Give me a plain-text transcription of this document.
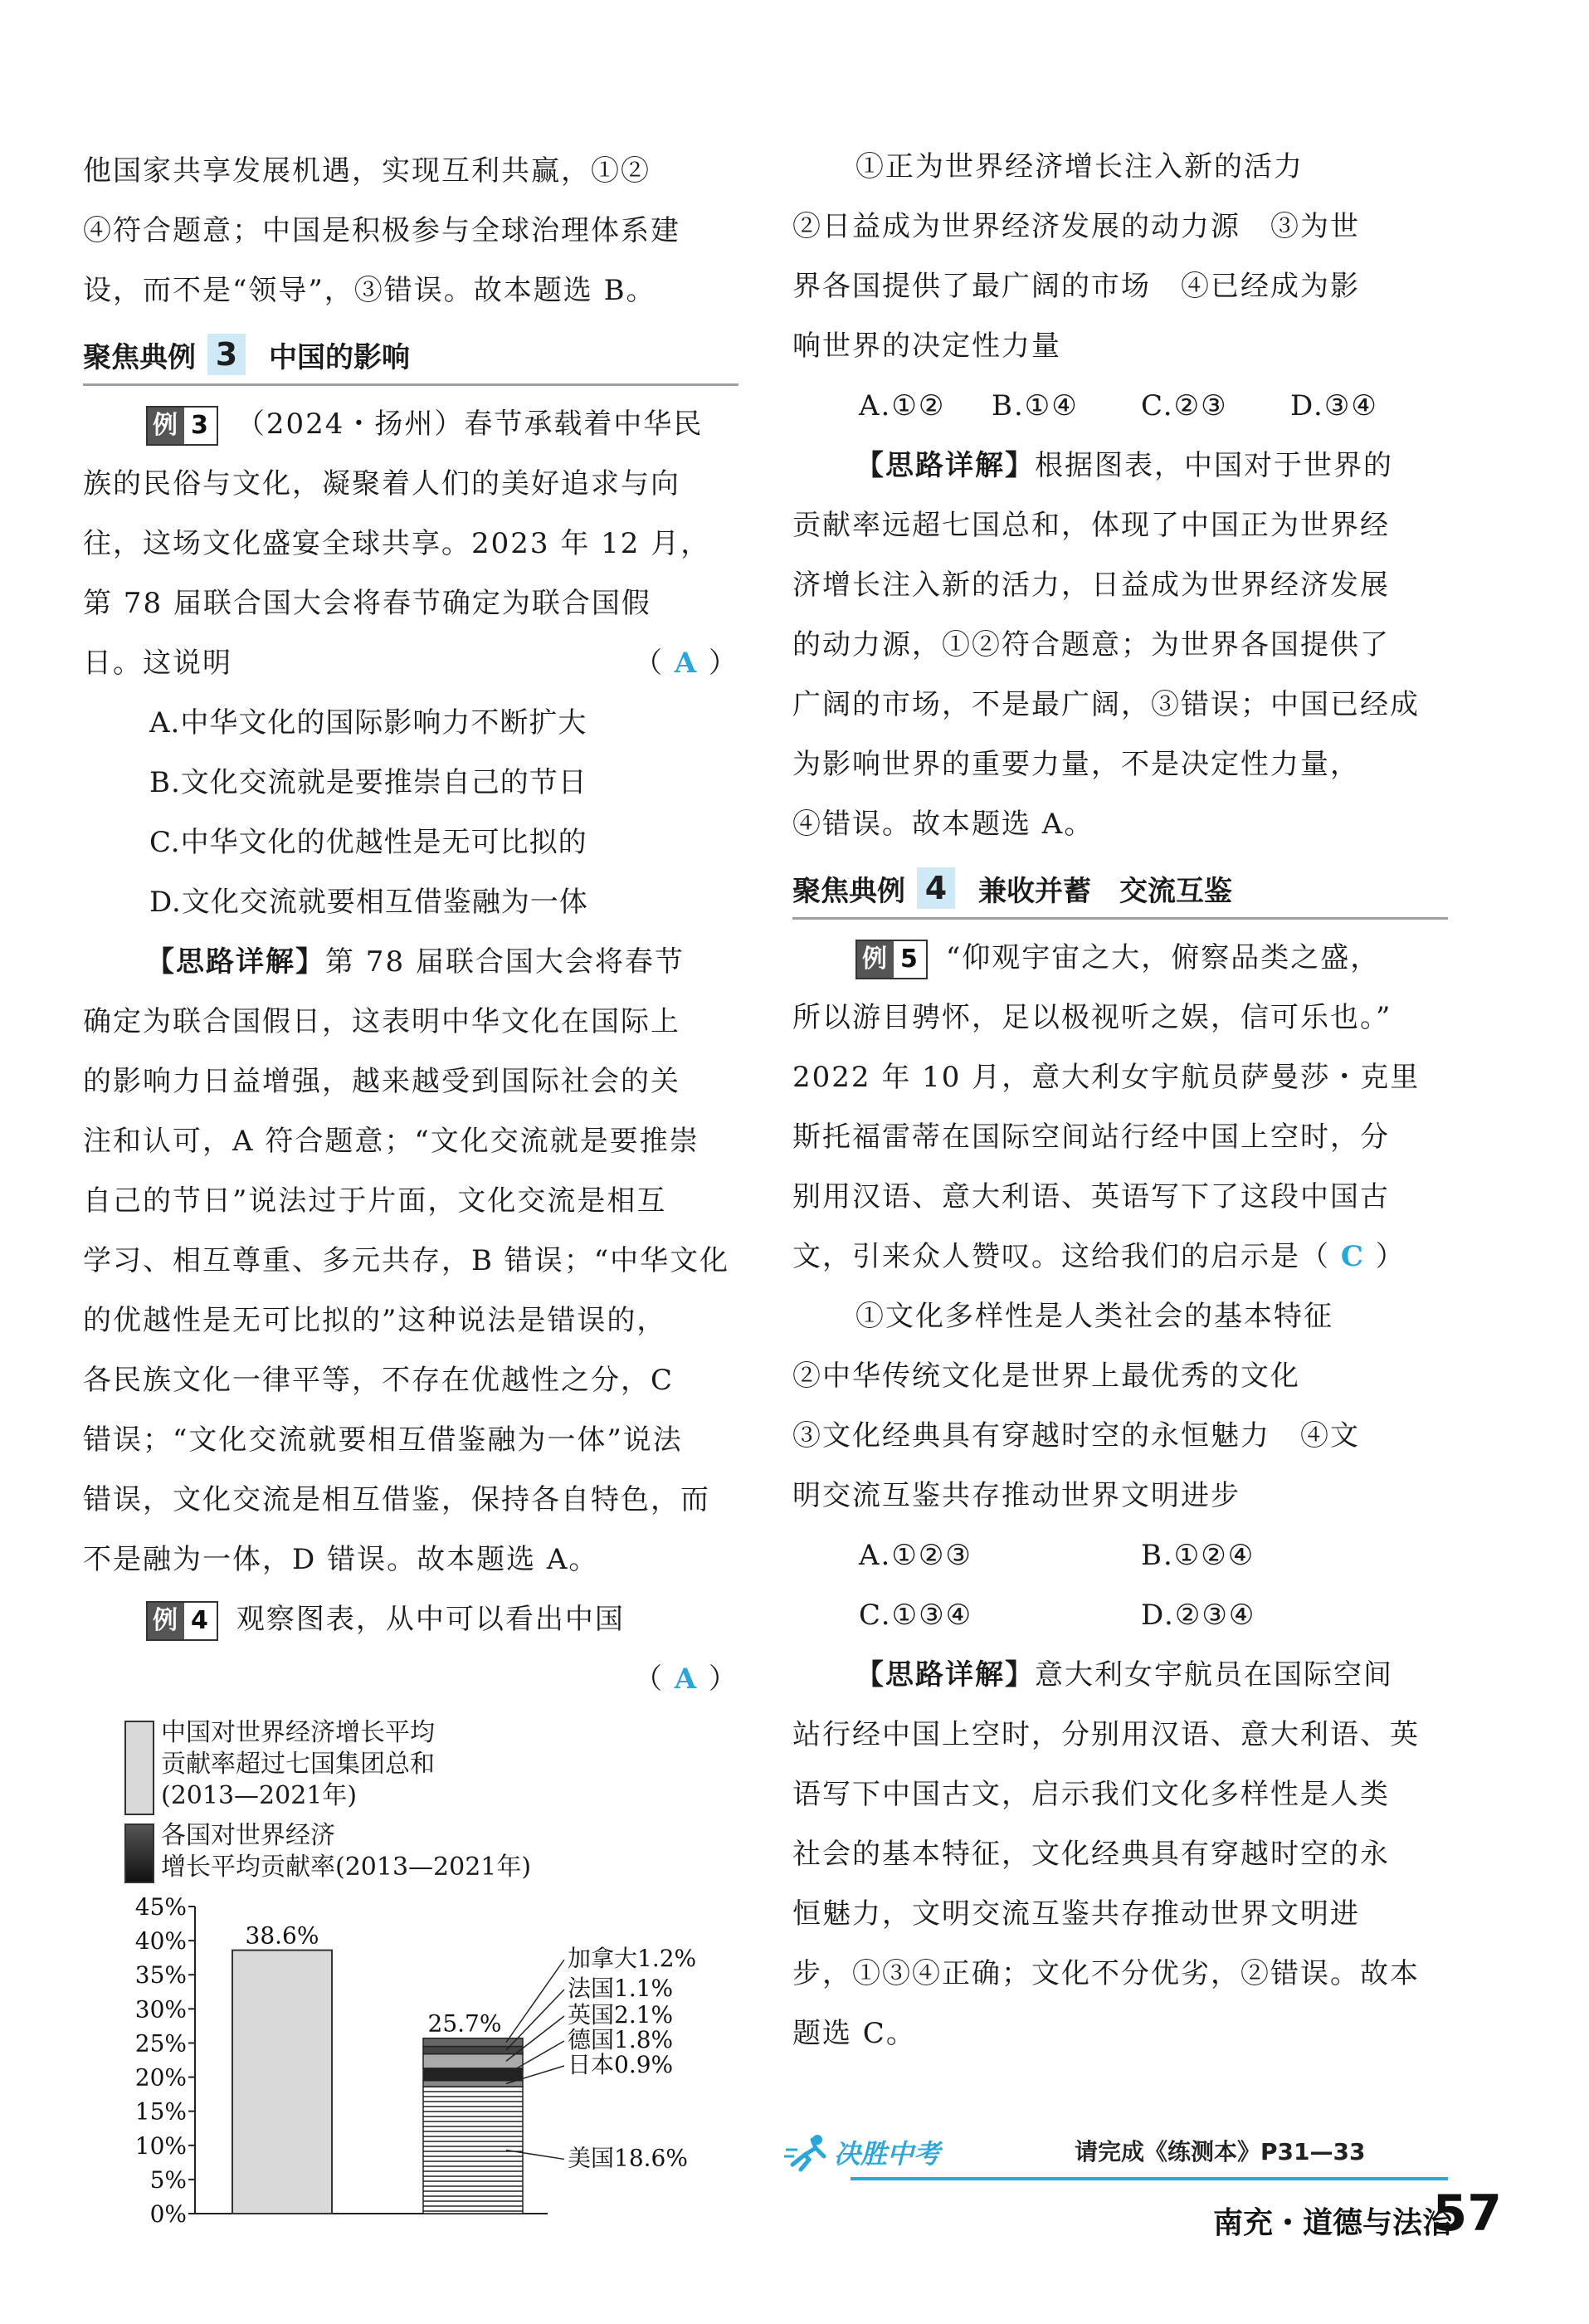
他国家共享发展机遇，实现互利共赢，①②

④符合题意；中国是积极参与全球治理体系建

设，而不是“领导”，③错误。故本题选 B。

聚焦典例 3 中国的影响

例 3 （2024・扬州）春节承载着中华民

族的民俗与文化，凝聚着人们的美好追求与向

往，这场文化盛宴全球共享。2023 年 12 月，

第 78 届联合国大会将春节确定为联合国假

日。这说明	（ A ）

A.中华文化的国际影响力不断扩大

B.文化交流就是要推崇自己的节日

C.中华文化的优越性是无可比拟的

D.文化交流就要相互借鉴融为一体

【思路详解】第 78 届联合国大会将春节

确定为联合国假日，这表明中华文化在国际上

的影响力日益增强，越来越受到国际社会的关

注和认可，A 符合题意；“文化交流就是要推崇

自己的节日”说法过于片面，文化交流是相互

学习、相互尊重、多元共存，B 错误；“中华文化

的优越性是无可比拟的”这种说法是错误的，

各民族文化一律平等，不存在优越性之分，C

错误；“文化交流就要相互借鉴融为一体”说法

错误，文化交流是相互借鉴，保持各自特色，而

不是融为一体，D 错误。故本题选 A。

例 4 观察图表，从中可以看出中国

（ A ）

中国对世界经济增长平均
贡献率超过七国集团总和
(2013—2021年)
各国对世界经济
增长平均贡献率(2013—2021年)
45%
40%
35%
30%
25%
20%
15%
10%
5%
0%
38.6%
25.7%
加拿大1.2%
法国1.1%
英国2.1%
德国1.8%
日本0.9%
美国18.6%

①正为世界经济增长注入新的活力

②日益成为世界经济发展的动力源　③为世

界各国提供了最广阔的市场　④已经成为影

响世界的决定性力量

A.①②	B.①④	C.②③	D.③④

【思路详解】根据图表，中国对于世界的

贡献率远超七国总和，体现了中国正为世界经

济增长注入新的活力，日益成为世界经济发展

的动力源，①②符合题意；为世界各国提供了

广阔的市场，不是最广阔，③错误；中国已经成

为影响世界的重要力量，不是决定性力量，

④错误。故本题选 A。

聚焦典例 4 兼收并蓄　交流互鉴

例 5 “仰观宇宙之大，俯察品类之盛，

所以游目骋怀，足以极视听之娱，信可乐也。”

2022 年 10 月，意大利女宇航员萨曼莎・克里

斯托福雷蒂在国际空间站行经中国上空时，分

别用汉语、意大利语、英语写下了这段中国古

文，引来众人赞叹。这给我们的启示是（ C ）

①文化多样性是人类社会的基本特征

②中华传统文化是世界上最优秀的文化

③文化经典具有穿越时空的永恒魅力　④文

明交流互鉴共存推动世界文明进步

A.①②③	B.①②④
C.①③④	D.②③④

【思路详解】意大利女宇航员在国际空间

站行经中国上空时，分别用汉语、意大利语、英

语写下中国古文，启示我们文化多样性是人类

社会的基本特征，文化经典具有穿越时空的永

恒魅力，文明交流互鉴共存推动世界文明进

步，①③④正确；文化不分优劣，②错误。故本

题选 C。

决胜中考	请完成《练测本》P31—33
南充・道德与法治
57
